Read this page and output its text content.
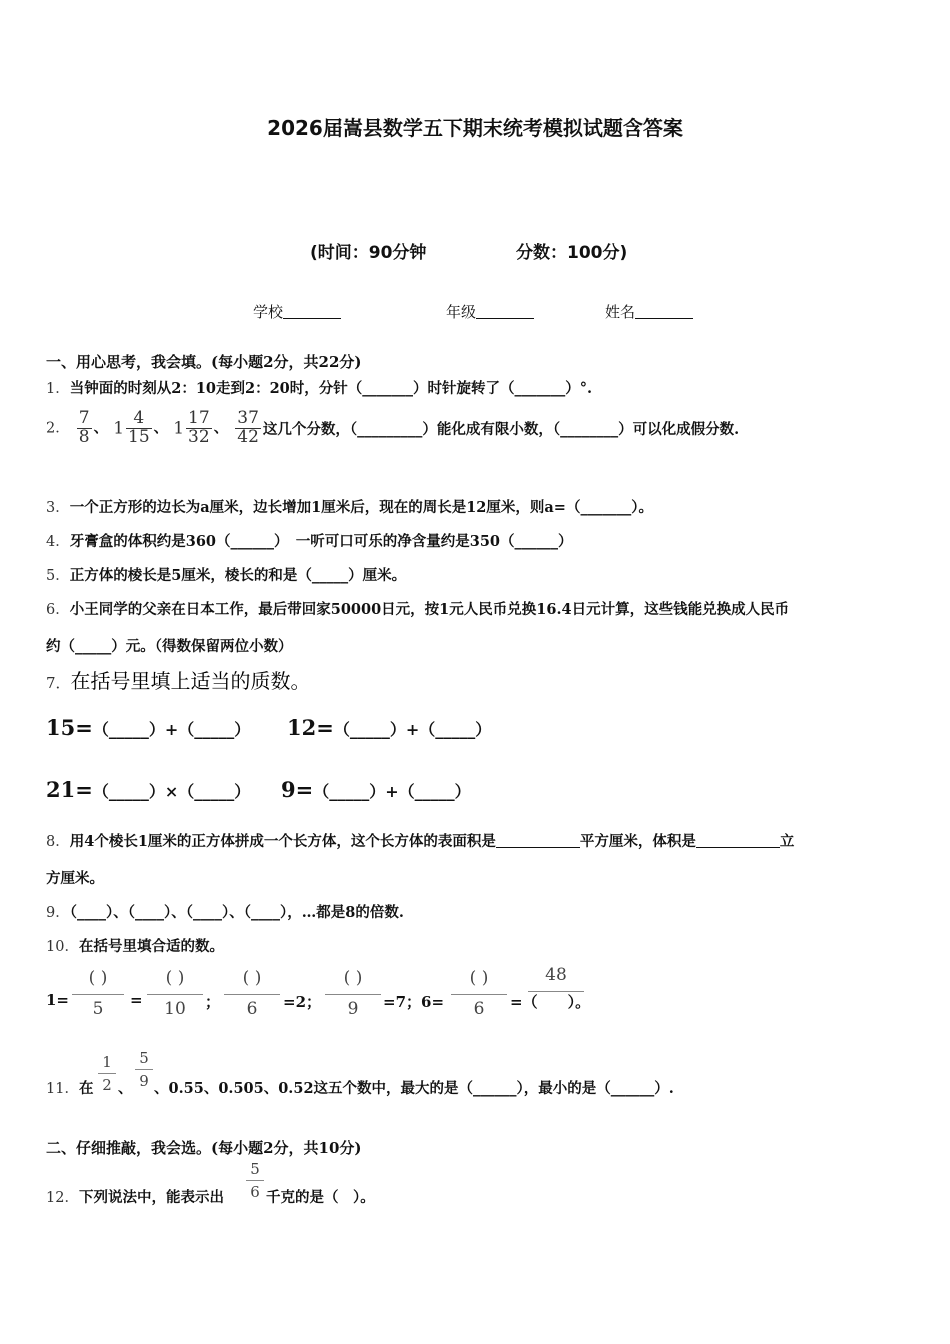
2026届嵩县数学五下期末统考模拟试题含答案
(时间：90分钟	分数：100分)
学校	年级	姓名
一、用心思考，我会填。(每小题2分，共22分)
1．当钟面的时刻从2：10走到2：20时，分针（_______）时针旋转了（_______）°.
2． $\frac{7}{8}$ 、 $1 \frac{4}{15}$ 、 $1 \frac{17}{32}$ 、 $\frac{37}{42}$ 这几个分数，（_________）能化成有限小数，（________）可以化成假分数.
3．一个正方形的边长为a厘米，边长增加1厘米后，现在的周长是12厘米，则a=（_______）。
4．牙膏盒的体积约是360（______）　一听可口可乐的净含量约是350（______）
5．正方体的棱长是5厘米，棱长的和是（_____）厘米。
6．小王同学的父亲在日本工作，最后带回家50000日元，按1元人民币兑换16.4日元计算，这些钱能兑换成人民币
约（_____）元。（得数保留两位小数）
7．在括号里填上适当的质数。
15=（_____）+（_____） 12=（_____）+（_____）
21=（_____）×（_____） 9=（_____）+（_____）
8．用4个棱长1厘米的正方体拼成一个长方体，这个长方体的表面积是	平方厘米，体积是	立
方厘米。
9．（____）、（____）、（____）、（____），…都是8的倍数.
10．在括号里填合适的数。
1=
( )
5	=
( )
10	；
( )
6	=2；
( )
9	=7；6=
( )
6
48
=（　　）。
11．在
1
2 、
5
9 、0.55、0.505、0.52这五个数中，最大的是（______），最小的是（______）.
二、仔细推敲，我会选。(每小题2分，共10分)
12．下列说法中，能表示出
5
6 千克的是（　）。
